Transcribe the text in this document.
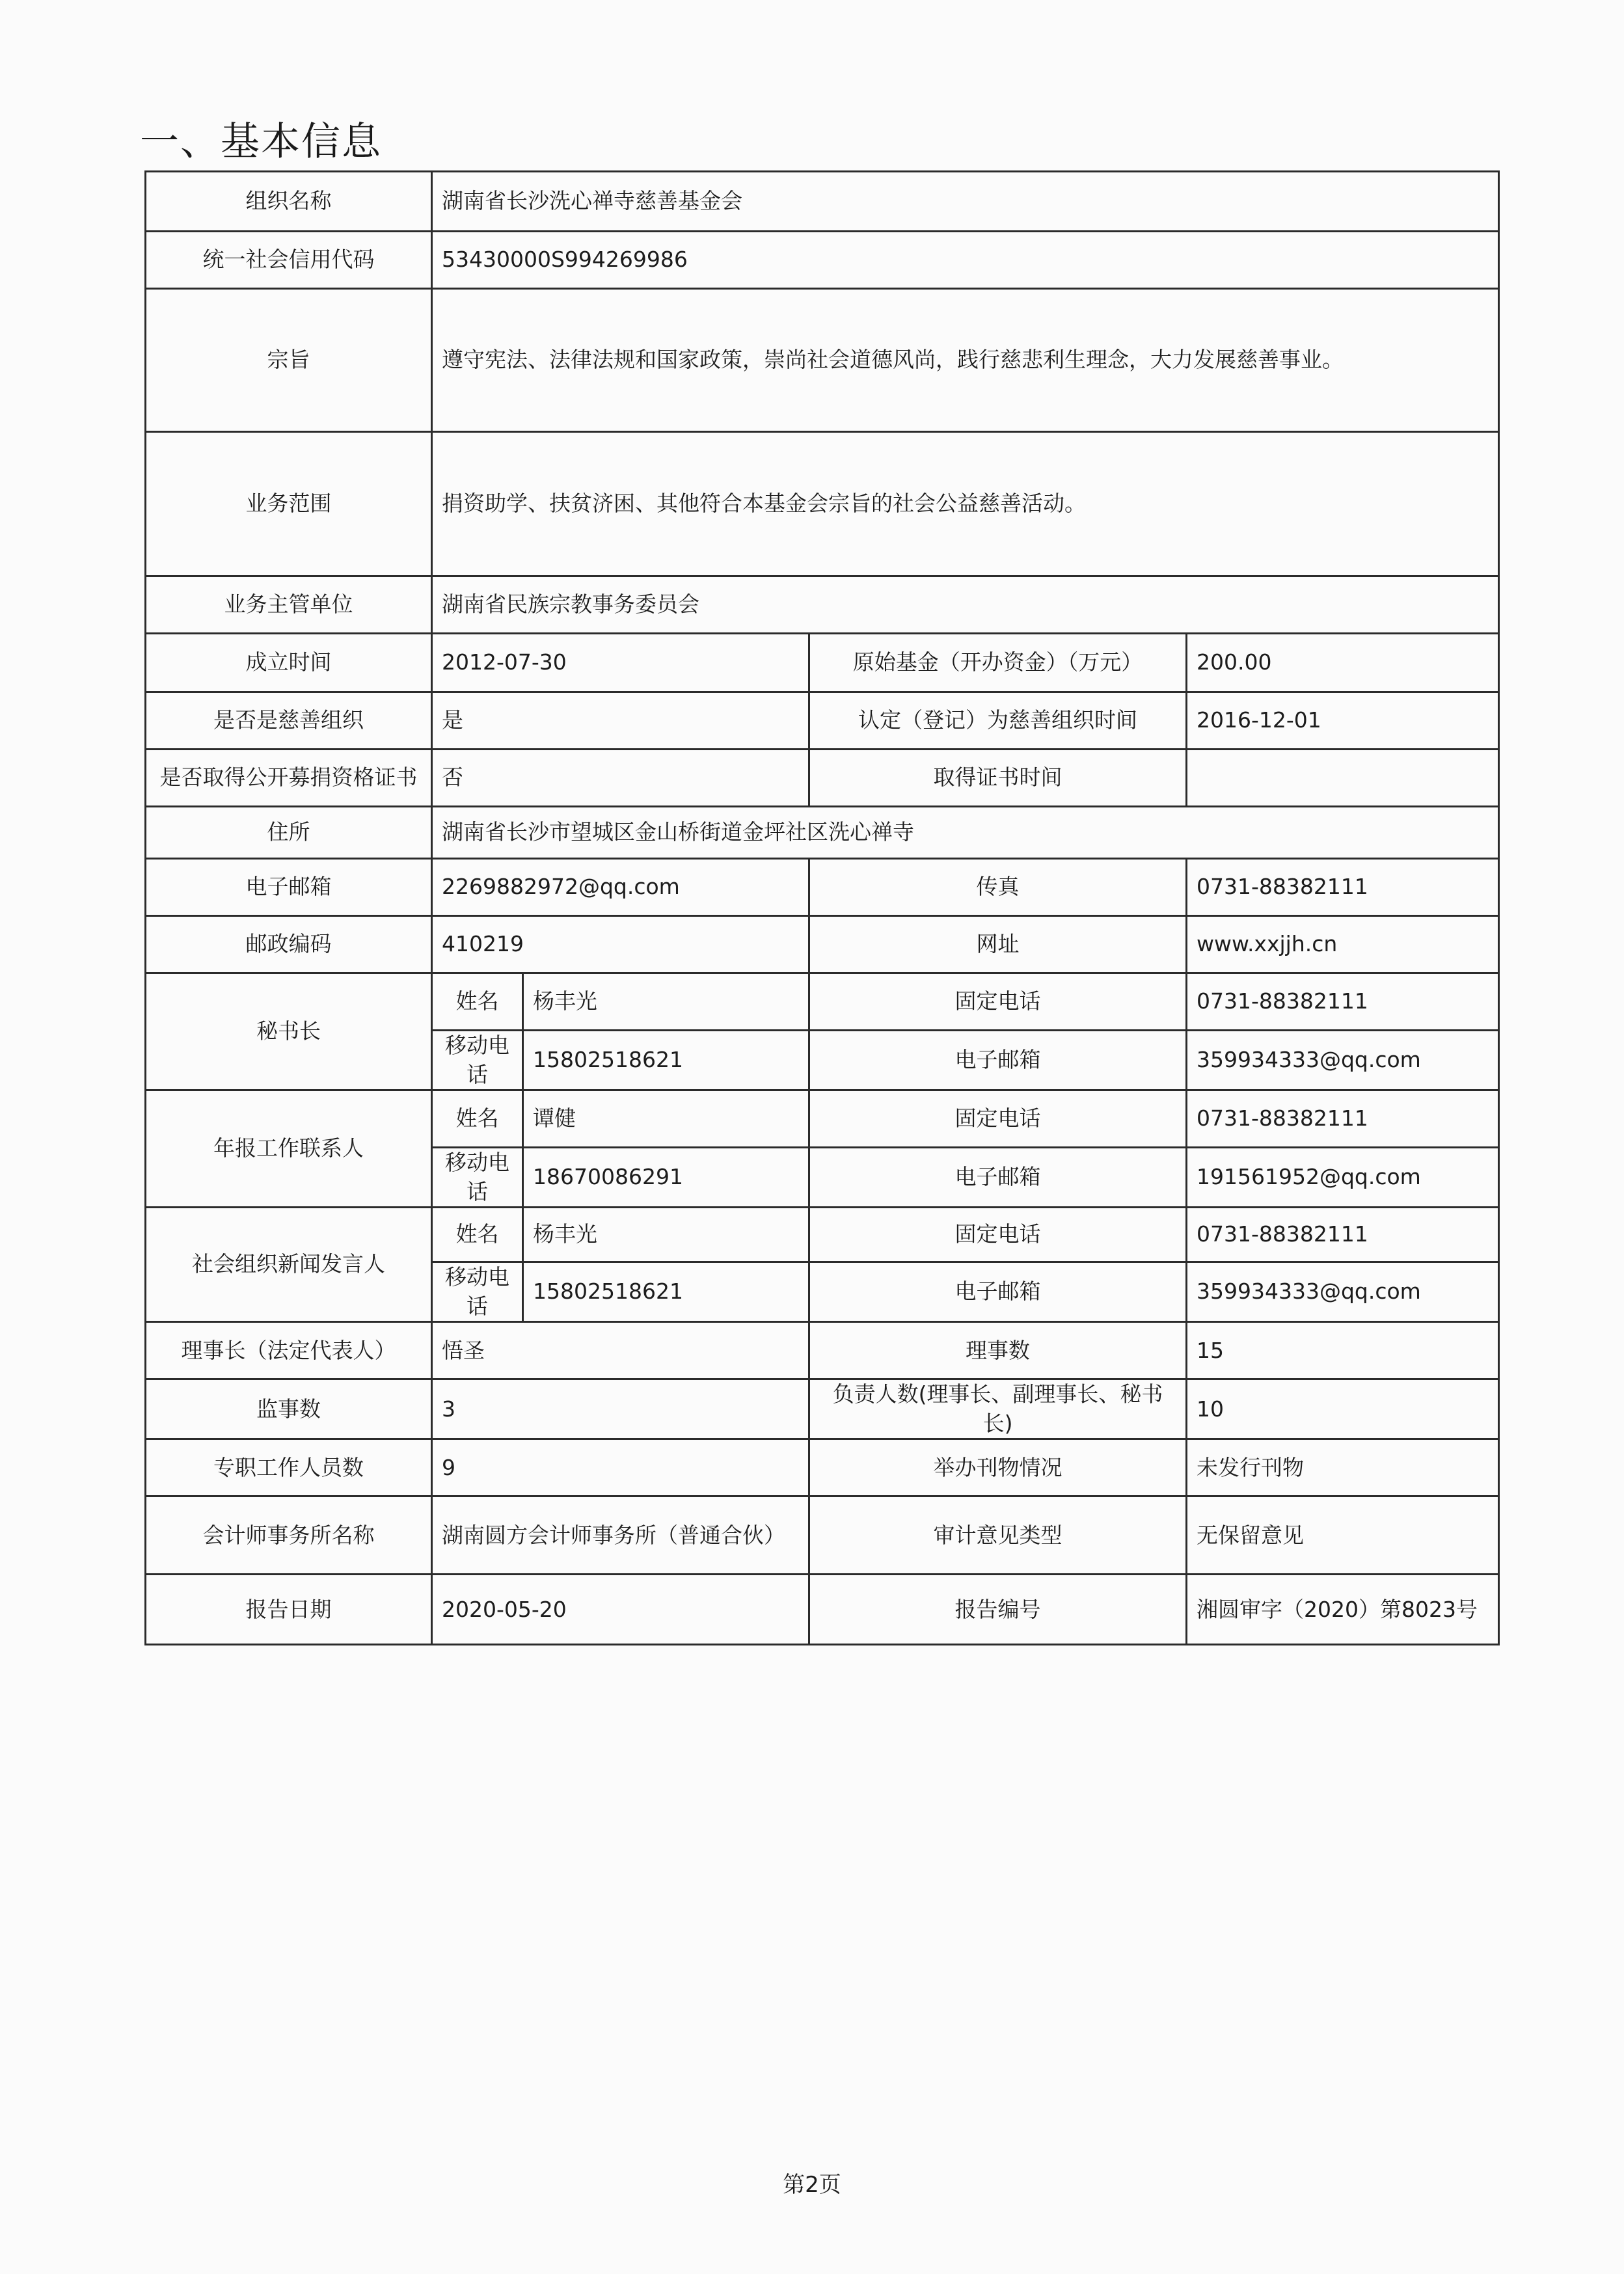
一、基本信息
组织名称	湖南省长沙洗心禅寺慈善基金会			
统一社会信用代码	53430000S994269986			
宗旨	遵守宪法、法律法规和国家政策，崇尚社会道德风尚，践行慈悲利生理念，大力发展慈善事业。			
业务范围	捐资助学、扶贫济困、其他符合本基金会宗旨的社会公益慈善活动。			
业务主管单位	湖南省民族宗教事务委员会			
成立时间	2012-07-30		原始基金（开办资金）（万元）	200.00
是否是慈善组织	是		认定（登记）为慈善组织时间	2016-12-01
是否取得公开募捐资格证书	否		取得证书时间	
住所	湖南省长沙市望城区金山桥街道金坪社区洗心禅寺			
电子邮箱	2269882972@qq.com		传真	0731-88382111
邮政编码	410219		网址	www.xxjjh.cn
秘书长	姓名	杨丰光	固定电话	0731-88382111
	移动电话	15802518621	电子邮箱	359934333@qq.com
年报工作联系人	姓名	谭健	固定电话	0731-88382111
	移动电话	18670086291	电子邮箱	191561952@qq.com
社会组织新闻发言人	姓名	杨丰光	固定电话	0731-88382111
	移动电话	15802518621	电子邮箱	359934333@qq.com
理事长（法定代表人）	悟圣		理事数	15
监事数	3		负责人数(理事长、副理事长、秘书长)	10
专职工作人员数	9		举办刊物情况	未发行刊物
会计师事务所名称	湖南圆方会计师事务所（普通合伙）		审计意见类型	无保留意见
报告日期	2020-05-20		报告编号	湘圆审字（2020）第8023号
第2页
